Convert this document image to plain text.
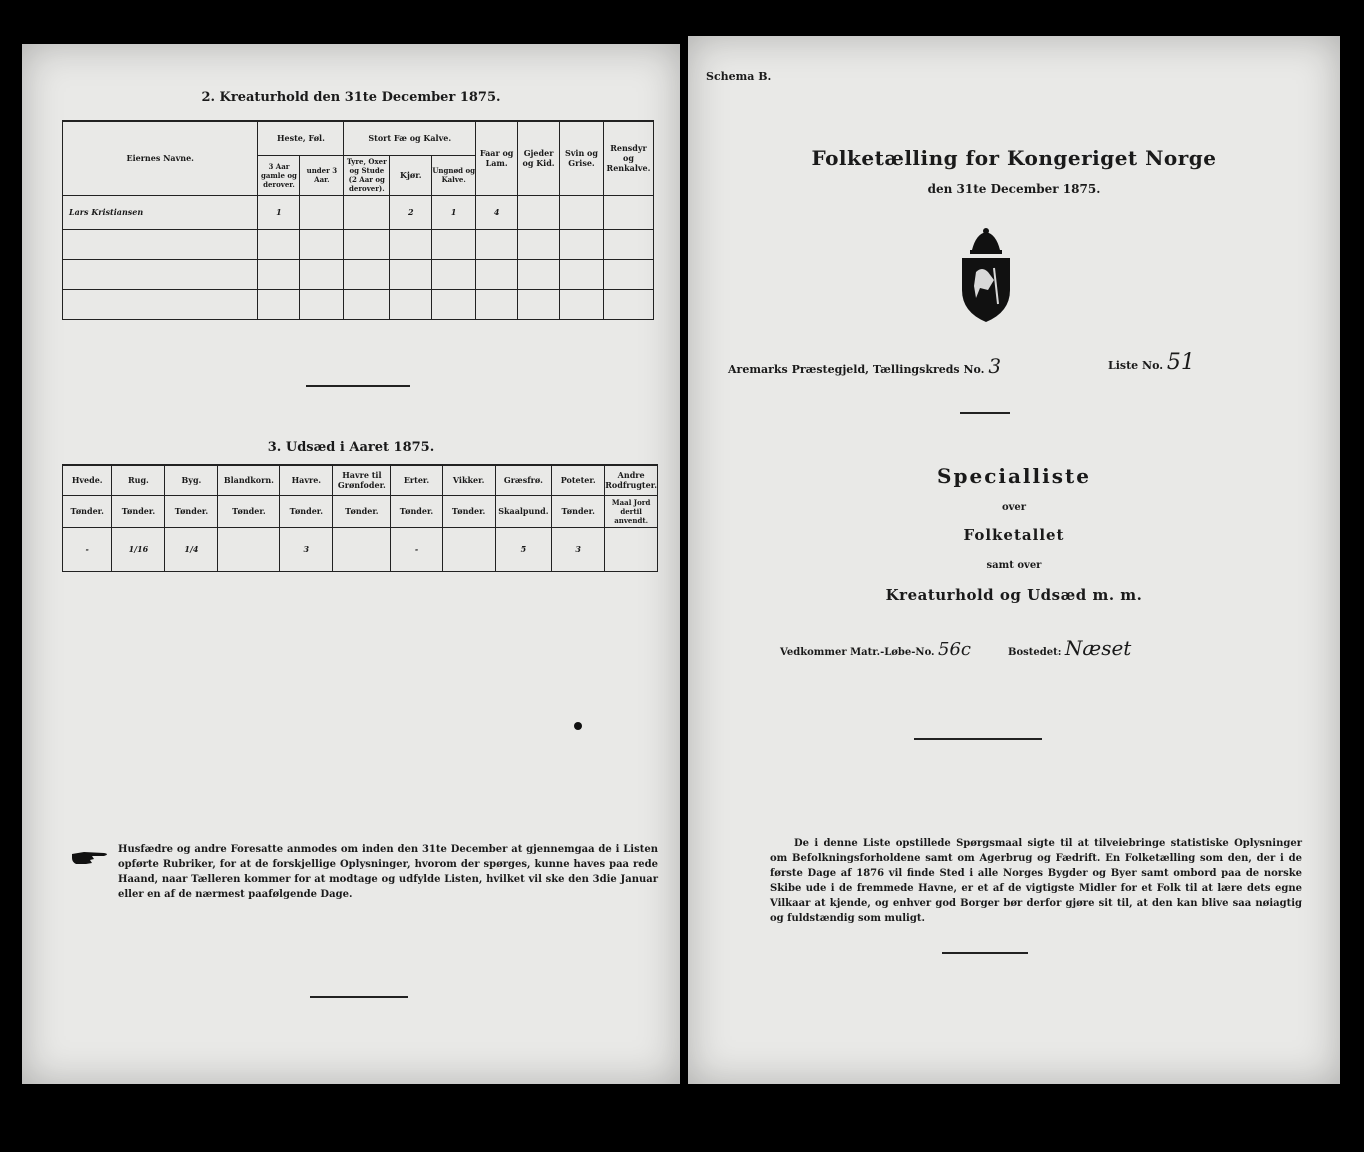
2. Kreaturhold den 31te December 1875.
Eiernes Navne.	Heste, Føl.		Stort Fæ og Kalve.			Faar og Lam.	Gjeder og Kid.	Svin og Grise.	Rensdyr og Renkalve.
	3 Aar gamle og derover.	under 3 Aar.	Tyre, Oxer og Stude (2 Aar og derover).	Kjør.	Ungnød og Kalve.				
Lars Kristiansen	1			2	1	4			

3. Udsæd i Aaret 1875.
Hvede.	Rug.	Byg.	Blandkorn.	Havre.	Havre til Grønfoder.	Erter.	Vikker.	Græsfrø.	Poteter.	Andre Rodfrugter.
Tønder.	Tønder.	Tønder.	Tønder.	Tønder.	Tønder.	Tønder.	Tønder.	Skaalpund.	Tønder.	Maal Jord dertil anvendt.
-	1/16	1/4		3		-		5	3	
Husfædre og andre Foresatte anmodes om inden den 31te December at gjennemgaa de i Listen opførte Rubriker, for at de forskjellige Oplysninger, hvorom der spørges, kunne haves paa rede Haand, naar Tælleren kommer for at modtage og udfylde Listen, hvilket vil ske den 3die Januar eller en af de nærmest paafølgende Dage.
Schema B.
Folketælling for Kongeriget Norge
den 31te December 1875.
Aremarks Præstegjeld, Tællingskreds No. 3	Liste No. 51
Specialliste
over
Folketallet
samt over
Kreaturhold og Udsæd m. m.
Vedkommer Matr.-Løbe-No. 56c	Bostedet: Næset
De i denne Liste opstillede Spørgsmaal sigte til at tilveiebringe statistiske Oplysninger om Befolkningsforholdene samt om Agerbrug og Fædrift. En Folketælling som den, der i de første Dage af 1876 vil finde Sted i alle Norges Bygder og Byer samt ombord paa de norske Skibe ude i de fremmede Havne, er et af de vigtigste Midler for et Folk til at lære dets egne Vilkaar at kjende, og enhver god Borger bør derfor gjøre sit til, at den kan blive saa nøiagtig og fuldstændig som muligt.
